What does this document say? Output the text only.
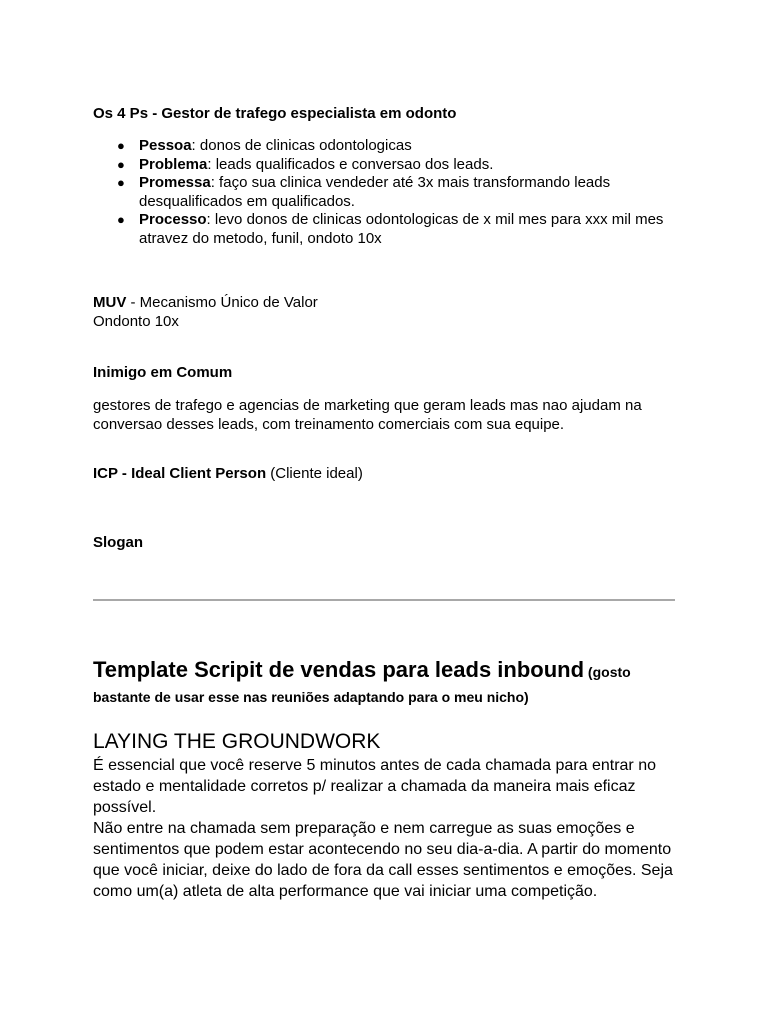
Os 4 Ps - Gestor de trafego especialista em odonto
● Pessoa: donos de clinicas odontologicas
● Problema: leads qualificados e conversao dos leads.
● Promessa: faço sua clinica vendeder até 3x mais transformando leads desqualificados em qualificados.
● Processo: levo donos de clinicas odontologicas de x mil mes para xxx mil mes atravez do metodo, funil, ondoto 10x
MUV - Mecanismo Único de Valor
Ondonto 10x
Inimigo em Comum
gestores de trafego e agencias de marketing que geram leads mas nao ajudam na conversao desses leads, com treinamento comerciais com sua equipe.
ICP - Ideal Client Person (Cliente ideal)
Slogan
Template Scripit de vendas para leads inbound (gosto
bastante de usar esse nas reuniões adaptando para o meu nicho)
LAYING THE GROUNDWORK
É essencial que você reserve 5 minutos antes de cada chamada para entrar no estado e mentalidade corretos p/ realizar a chamada da maneira mais eficaz possível.
Não entre na chamada sem preparação e nem carregue as suas emoções e sentimentos que podem estar acontecendo no seu dia-a-dia. A partir do momento que você iniciar, deixe do lado de fora da call esses sentimentos e emoções. Seja como um(a) atleta de alta performance que vai iniciar uma competição.
